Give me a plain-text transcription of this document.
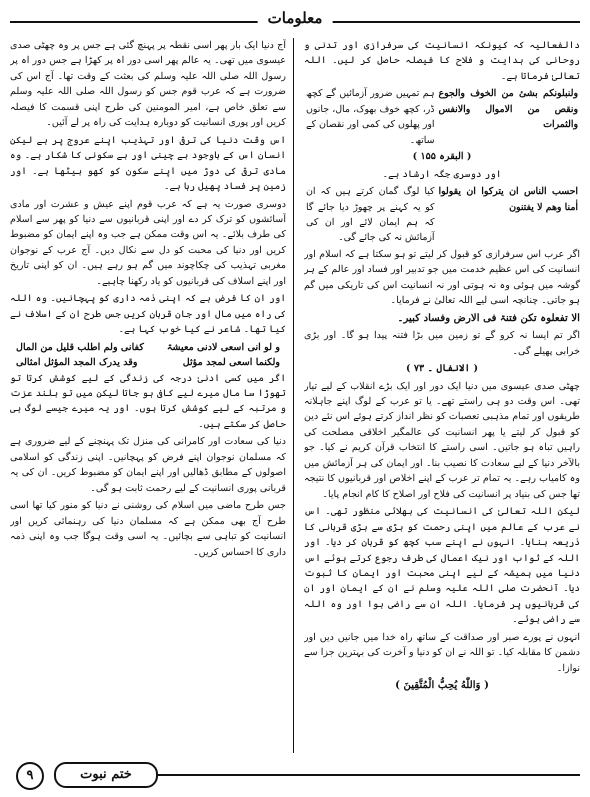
معلومات

دالفعالیہ کہ کیونکہ انسانیت کی سرفرازی اور تدنی و روحانی کی ہدایت و فلاح کا فیصلہ حاصل کر لیں۔ اللہ تعالیٰ فرماتا ہے۔

ولنبلونکم بشیٔ من الخوف والجوع ونقص من الاموال والانفس والثمرات	ہم تمہیں ضرور آزمائیں گے کچھ ڈر، کچھ خوف بھوک، مال، جانوں اور پھلوں کی کمی اور نقصان کے ساتھ۔

( البقرہ ۱۵۵ )

اور دوسری جگہ ارشاد ہے۔

احسب الناس ان یترکوا ان یقولوا اٰمنا وھم لا یفتنون	کیا لوگ گمان کرتے ہیں کہ ان کو یہ کہنے پر چھوڑ دیا جائے گا کہ ہم ایمان لائے اور ان کی آزمائش نہ کی جائے گی۔

اگر عرب اس سرفرازی کو قبول کر لیتے تو ہو سکتا ہے کہ اسلام اور انسانیت کی اس عظیم خدمت میں جو تدبیر اور فساد اور عالم کے ہر گوشہ میں ہوئی وہ نہ ہوتی اور نہ انسانیت اس کی تاریکی میں گم ہو جاتی۔ چنانچہ اسی لیے اللہ تعالیٰ نے فرمایا۔

الا تفعلوہ تکن فتنۃ فی الارض وفساد کبیر۔

اگر تم ایسا نہ کرو گے تو زمین میں بڑا فتنہ پیدا ہو گا۔ اور بڑی خرابی پھیلے گی۔

( الانفال ۔ ۷۳ )

چھٹی صدی عیسوی میں دنیا ایک دور اور ایک بڑے انقلاب کے لیے تیار تھی۔ اس وقت دو ہی راستے تھے۔ یا تو عرب کے لوگ اپنے جاہلانہ طریقوں اور تمام مذہبی تعصبات کو نظر انداز کرتے ہوئے اس نئے دین کو قبول کر لیتے یا پھر انسانیت کی عالمگیر اخلاقی مصلحت کی راہیں تباہ ہو جاتیں۔ اسی راستے کا انتخاب قرآن کریم نے کیا۔ جو بالآخر دنیا کے لیے سعادت کا نصیب بنا۔ اور ایمان کی ہر آزمائش میں وہ کامیاب رہے۔ یہ تمام تر عرب کے اپنے اخلاص اور قربانیوں کا نتیجہ تھا جس کی بنیاد پر انسانیت کی فلاح اور اصلاح کا کام انجام پایا۔

لیکن اللہ تعالیٰ کی انسانیت کی بھلائی منظور تھی۔ اس نے عرب کے عالم میں اپنی رحمت کو بڑی سے بڑی قربانی کا ذریعہ بنایا۔ انہوں نے اپنے سب کچھ کو قربان کر دیا۔ اور اللہ کے ثواب اور نیک اعمال کی طرف رجوع کرتے ہوئے اس دنیا میں ہمیشہ کے لیے اپنی محبت اور ایمان کا ثبوت دیا۔ آنحضرت صلی اللہ علیہ وسلم نے ان کے ایمان اور ان کی قربانیوں پر فرمایا۔ اللہ ان سے راضی ہوا اور وہ اللہ سے راضی ہوئے۔

انہوں نے پورے صبر اور صداقت کے ساتھ راہ خدا میں جانیں دیں اور دشمن کا مقابلہ کیا۔ تو اللہ نے ان کو دنیا و آخرت کی بہترین جزا سے نوازا۔

( وَاللّٰهُ يُحِبُّ الْمُتَّقِينَ )

آج دنیا ایک بار پھر اسی نقطہ پر پہنچ گئی ہے جس پر وہ چھٹی صدی عیسوی میں تھی۔ یہ عالم پھر اسی دور اہ پر کھڑا ہے جس دور اہ پر رسول اللہ صلی اللہ علیہ وسلم کی بعثت کے وقت تھا۔ آج اس کی ضرورت ہے کہ عرب قوم جس کو رسول اللہ صلی اللہ علیہ وسلم سے تعلق خاص ہے، امیر المومنین کی طرح اپنی قسمت کا فیصلہ کریں اور پوری انسانیت کو دوبارہ ہدایت کی راہ پر لے آئیں۔

اس وقت دنیا کی ترقی اور تہذیب اپنے عروج پر ہے لیکن انسان اس کے باوجود بے چینی اور بے سکونی کا شکار ہے۔ وہ مادی ترقی کی دوڑ میں اپنے سکون کو کھو بیٹھا ہے۔ اور زمین پر فساد پھیل رہا ہے۔

دوسری صورت یہ ہے کہ عرب قوم اپنے عیش و عشرت اور مادی آسائشوں کو ترک کر دے اور اپنی قربانیوں سے دنیا کو پھر سے اسلام کی طرف بلائے۔ یہ اس وقت ممکن ہے جب وہ اپنے ایمان کو مضبوط کریں اور دنیا کی محبت کو دل سے نکال دیں۔ آج عرب کے نوجوان مغربی تہذیب کی چکاچوند میں گم ہو رہے ہیں۔ ان کو اپنی تاریخ اور اپنے اسلاف کی قربانیوں کو یاد رکھنا چاہیے۔

اور ان کا فرض ہے کہ اپنی ذمہ داری کو پہچانیں۔ وہ اللہ کی راہ میں مال اور جان قربان کریں جس طرح ان کے اسلاف نے کیا تھا۔ شاعر نے کیا خوب کہا ہے۔

و لو انی اسعی لادنی معیشۃ
کفانی ولم اطلب قلیل من المال
ولکنما اسعی لمجد مؤثل
وقد یدرک المجد المؤثل امثالی

اگر میں کسی ادنیٰ درجہ کی زندگی کے لیے کوشش کرتا تو تھوڑا سا مال میرے لیے کافی ہو جاتا لیکن میں تو بلند عزت و مرتبہ کے لیے کوشش کرتا ہوں۔ اور یہ میرے جیسے لوگ ہی حاصل کر سکتے ہیں۔

دنیا کی سعادت اور کامرانی کی منزل تک پہنچنے کے لیے ضروری ہے کہ مسلمان نوجوان اپنے فرض کو پہچانیں۔ اپنی زندگی کو اسلامی اصولوں کے مطابق ڈھالیں اور اپنے ایمان کو مضبوط کریں۔ ان کی یہ قربانی پوری انسانیت کے لیے رحمت ثابت ہو گی۔

جس طرح ماضی میں اسلام کی روشنی نے دنیا کو منور کیا تھا اسی طرح آج بھی ممکن ہے کہ مسلمان دنیا کی رہنمائی کریں اور انسانیت کو تباہی سے بچائیں۔ یہ اسی وقت ہوگا جب وہ اپنی ذمہ داری کا احساس کریں۔

ختم نبوت
۹
